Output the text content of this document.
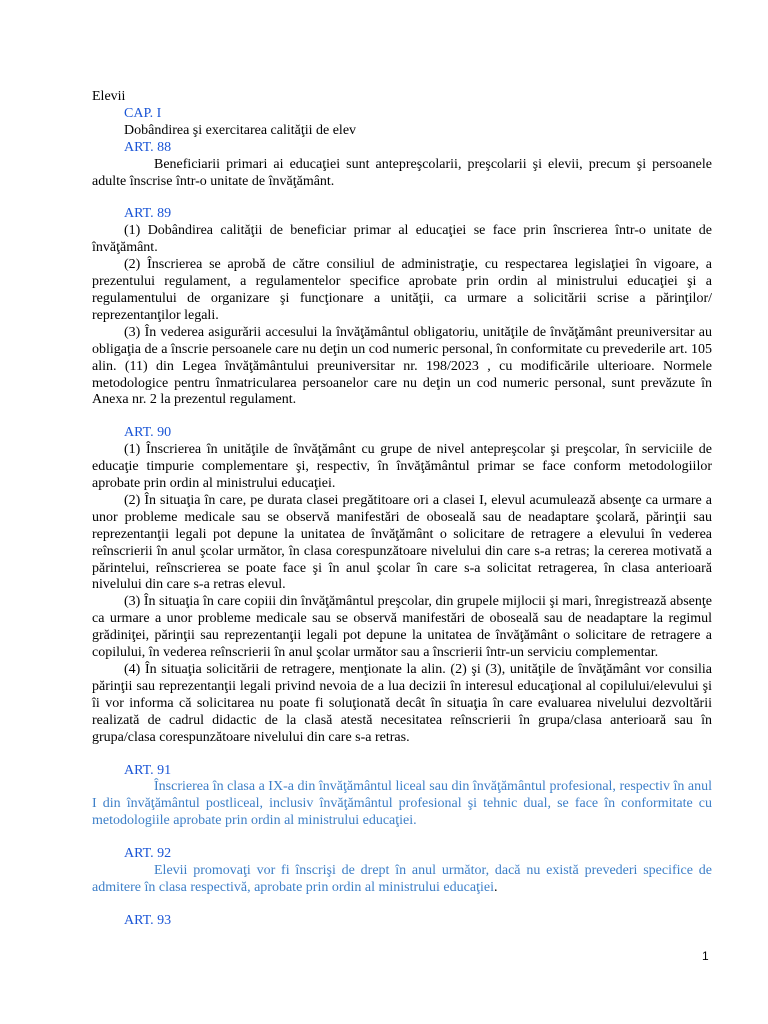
Elevii

CAP. I

Dobândirea şi exercitarea calităţii de elev

ART. 88

Beneficiarii primari ai educaţiei sunt antepreşcolarii, preşcolarii şi elevii, precum şi persoanele adulte înscrise într-o unitate de învăţământ.

ART. 89

(1) Dobândirea calităţii de beneficiar primar al educaţiei se face prin înscrierea într-o unitate de învăţământ.

(2) Înscrierea se aprobă de către consiliul de administraţie, cu respectarea legislaţiei în vigoare, a prezentului regulament, a regulamentelor specifice aprobate prin ordin al ministrului educaţiei şi a regulamentului de organizare şi funcţionare a unităţii, ca urmare a solicitării scrise a părinţilor/ reprezentanţilor legali.

(3) În vederea asigurării accesului la învăţământul obligatoriu, unităţile de învăţământ preuniversitar au obligaţia de a înscrie persoanele care nu deţin un cod numeric personal, în conformitate cu prevederile art. 105 alin. (11) din Legea învăţământului preuniversitar nr. 198/2023 , cu modificările ulterioare. Normele metodologice pentru înmatricularea persoanelor care nu deţin un cod numeric personal, sunt prevăzute în Anexa nr. 2 la prezentul regulament.

ART. 90

(1) Înscrierea în unităţile de învăţământ cu grupe de nivel antepreşcolar şi preşcolar, în serviciile de educaţie timpurie complementare şi, respectiv, în învăţământul primar se face conform metodologiilor aprobate prin ordin al ministrului educaţiei.

(2) În situaţia în care, pe durata clasei pregătitoare ori a clasei I, elevul acumulează absenţe ca urmare a unor probleme medicale sau se observă manifestări de oboseală sau de neadaptare şcolară, părinţii sau reprezentanţii legali pot depune la unitatea de învăţământ o solicitare de retragere a elevului în vederea reînscrierii în anul şcolar următor, în clasa corespunzătoare nivelului din care s-a retras; la cererea motivată a părintelui, reînscrierea se poate face şi în anul şcolar în care s-a solicitat retragerea, în clasa anterioară nivelului din care s-a retras elevul.

(3) În situaţia în care copiii din învăţământul preşcolar, din grupele mijlocii şi mari, înregistrează absenţe ca urmare a unor probleme medicale sau se observă manifestări de oboseală sau de neadaptare la regimul grădiniţei, părinţii sau reprezentanţii legali pot depune la unitatea de învăţământ o solicitare de retragere a copilului, în vederea reînscrierii în anul şcolar următor sau a înscrierii într-un serviciu complementar.

(4) În situaţia solicitării de retragere, menţionate la alin. (2) şi (3), unităţile de învăţământ vor consilia părinţii sau reprezentanţii legali privind nevoia de a lua decizii în interesul educaţional al copilului/elevului şi îi vor informa că solicitarea nu poate fi soluţionată decât în situaţia în care evaluarea nivelului dezvoltării realizată de cadrul didactic de la clasă atestă necesitatea reînscrierii în grupa/clasa anterioară sau în grupa/clasa corespunzătoare nivelului din care s-a retras.

ART. 91

Înscrierea în clasa a IX-a din învăţământul liceal sau din învăţământul profesional, respectiv în anul I din învăţământul postliceal, inclusiv învăţământul profesional şi tehnic dual, se face în conformitate cu metodologiile aprobate prin ordin al ministrului educaţiei.

ART. 92

Elevii promovaţi vor fi înscrişi de drept în anul următor, dacă nu există prevederi specifice de admitere în clasa respectivă, aprobate prin ordin al ministrului educaţiei.

ART. 93

1
